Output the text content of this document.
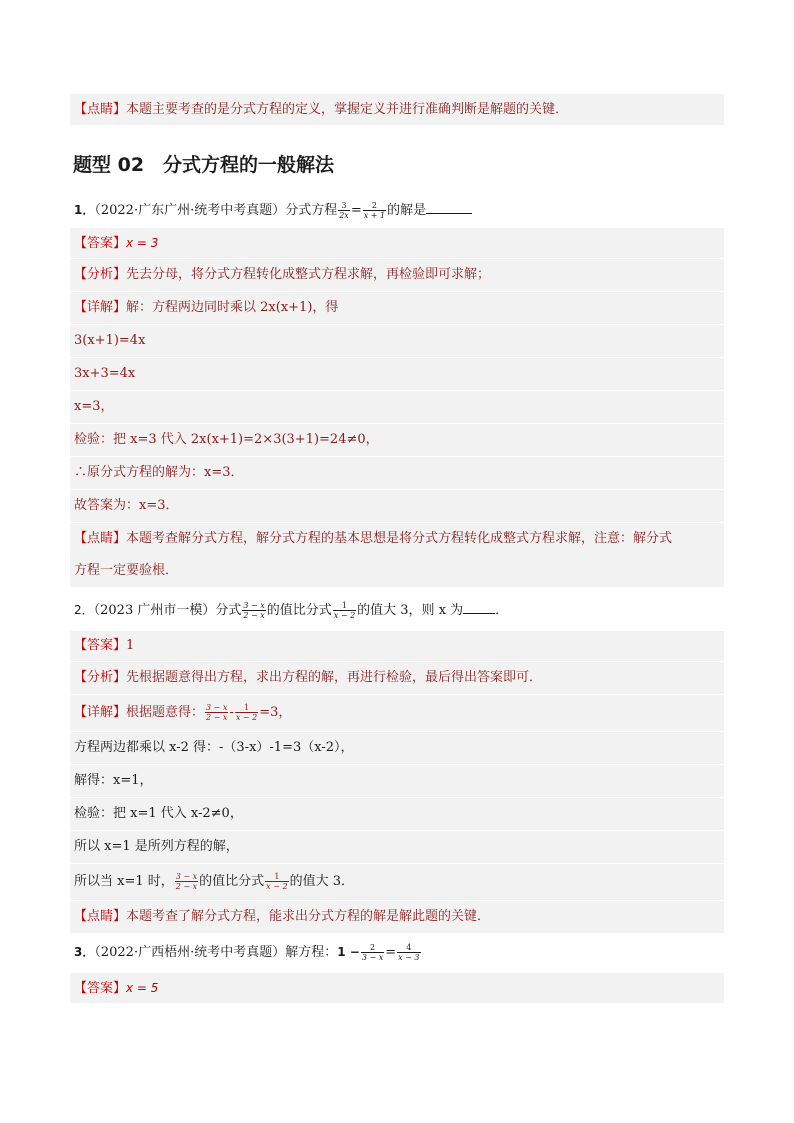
【点睛】本题主要考查的是分式方程的定义，掌握定义并进行准确判断是解题的关键．
题型 02　分式方程的一般解法
1．（2022·广东广州·统考中考真题）分式方程 $\frac{3}{2x} = \frac{2}{x + 1}$ 的解是
【答案】x = 3
【分析】先去分母，将分式方程转化成整式方程求解，再检验即可求解；
【详解】解：方程两边同时乘以 2x(x+1)，得
3(x+1)=4x
3x+3=4x
x=3，
检验：把 x=3 代入 2x(x+1)=2×3(3+1)=24≠0，
∴原分式方程的解为：x=3．
故答案为：x=3．
【点睛】本题考查解分式方程，解分式方程的基本思想是将分式方程转化成整式方程求解，注意：解分式
方程一定要验根．
2．（2023 广州市一模）分式 $\frac{3 - x}{2 - x}$ 的值比分式 $\frac{1}{x - 2}$ 的值大 3，则 x 为 ．
【答案】1
【分析】先根据题意得出方程，求出方程的解，再进行检验，最后得出答案即可．
【详解】根据题意得： $\frac{3 - x}{2 - x} - \frac{1}{x - 2} =3$，
方程两边都乘以 x-2 得：-（3-x）-1=3（x-2），
解得：x=1，
检验：把 x=1 代入 x-2≠0，
所以 x=1 是所列方程的解，
所以当 x=1 时， $\frac{3 - x}{2 - x}$ 的值比分式 $\frac{1}{x - 2}$ 的值大 3．
【点睛】本题考查了解分式方程，能求出分式方程的解是解此题的关键．
3．（2022·广西梧州·统考中考真题）解方程：$1 - \frac{2}{3 - x} = \frac{4}{x - 3}$
【答案】x = 5
